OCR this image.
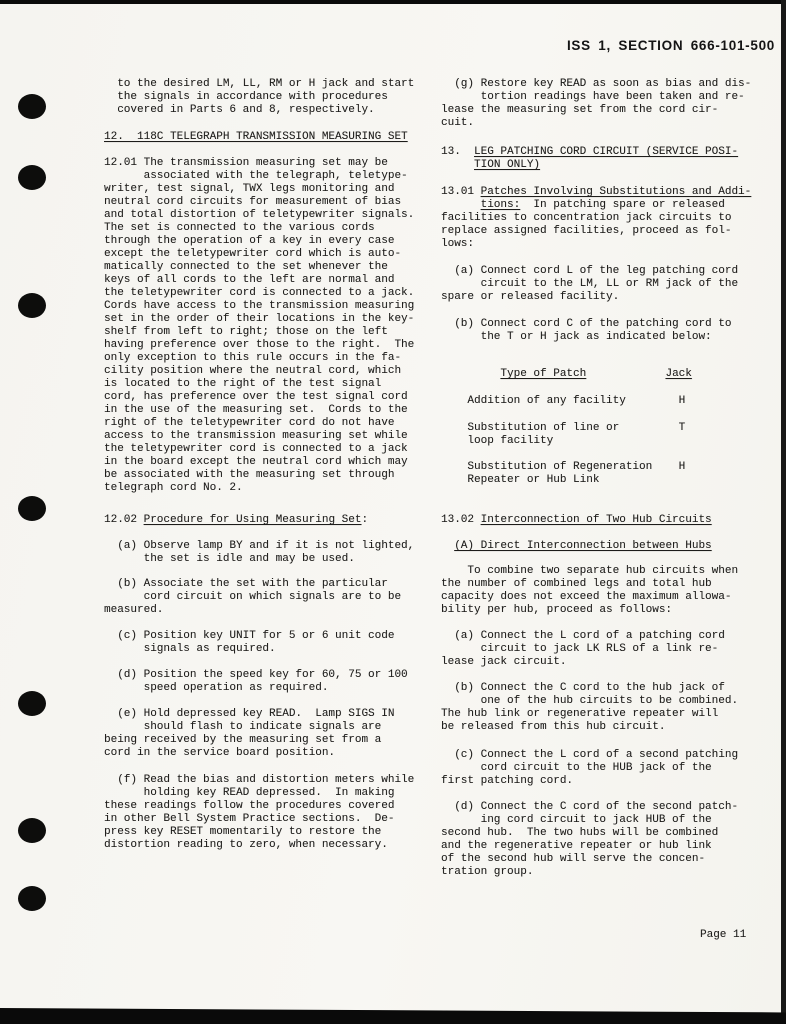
ISS 1, SECTION 666-101-500
to the desired LM, LL, RM or H jack and start
the signals in accordance with procedures
covered in Parts 6 and 8, respectively.
12.  118C TELEGRAPH TRANSMISSION MEASURING SET
12.01 The transmission measuring set may be
associated with the telegraph, teletype-
writer, test signal, TWX legs monitoring and
neutral cord circuits for measurement of bias
and total distortion of teletypewriter signals.
The set is connected to the various cords
through the operation of a key in every case
except the teletypewriter cord which is auto-
matically connected to the set whenever the
keys of all cords to the left are normal and
the teletypewriter cord is connected to a jack.
Cords have access to the transmission measuring
set in the order of their locations in the key-
shelf from left to right; those on the left
having preference over those to the right.  The
only exception to this rule occurs in the fa-
cility position where the neutral cord, which
is located to the right of the test signal
cord, has preference over the test signal cord
in the use of the measuring set.  Cords to the
right of the teletypewriter cord do not have
access to the transmission measuring set while
the teletypewriter cord is connected to a jack
in the board except the neutral cord which may
be associated with the measuring set through
telegraph cord No. 2.
12.02 Procedure for Using Measuring Set:
(a) Observe lamp BY and if it is not lighted,
the set is idle and may be used.
(b) Associate the set with the particular
cord circuit on which signals are to be
measured.
(c) Position key UNIT for 5 or 6 unit code
signals as required.
(d) Position the speed key for 60, 75 or 100
speed operation as required.
(e) Hold depressed key READ.  Lamp SIGS IN
should flash to indicate signals are
being received by the measuring set from a
cord in the service board position.
(f) Read the bias and distortion meters while
holding key READ depressed.  In making
these readings follow the procedures covered
in other Bell System Practice sections.  De-
press key RESET momentarily to restore the
distortion reading to zero, when necessary.
(g) Restore key READ as soon as bias and dis-
tortion readings have been taken and re-
lease the measuring set from the cord cir-
cuit.
13.  LEG PATCHING CORD CIRCUIT (SERVICE POSI-
TION ONLY)
13.01 Patches Involving Substitutions and Addi-
tions:  In patching spare or released
facilities to concentration jack circuits to
replace assigned facilities, proceed as fol-
lows:
(a) Connect cord L of the leg patching cord
circuit to the LM, LL or RM jack of the
spare or released facility.
(b) Connect cord C of the patching cord to
the T or H jack as indicated below:
Type of Patch	Jack
Addition of any facility        H
Substitution of line or         T
loop facility
Substitution of Regeneration    H
Repeater or Hub Link
13.02 Interconnection of Two Hub Circuits
(A) Direct Interconnection between Hubs
To combine two separate hub circuits when
the number of combined legs and total hub
capacity does not exceed the maximum allowa-
bility per hub, proceed as follows:
(a) Connect the L cord of a patching cord
circuit to jack LK RLS of a link re-
lease jack circuit.
(b) Connect the C cord to the hub jack of
one of the hub circuits to be combined.
The hub link or regenerative repeater will
be released from this hub circuit.
(c) Connect the L cord of a second patching
cord circuit to the HUB jack of the
first patching cord.
(d) Connect the C cord of the second patch-
ing cord circuit to jack HUB of the
second hub.  The two hubs will be combined
and the regenerative repeater or hub link
of the second hub will serve the concen-
tration group.
Page 11
